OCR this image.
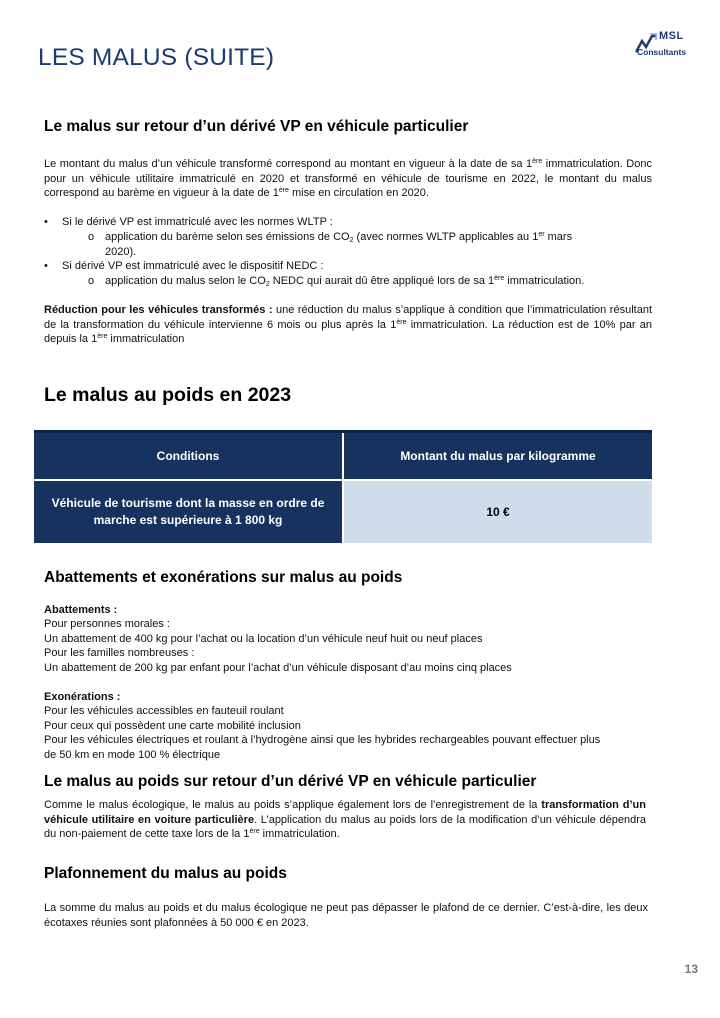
LES MALUS (SUITE)
MSL
Consultants
Le malus sur retour d’un dérivé VP en véhicule particulier

Le montant du malus d’un véhicule transformé correspond au montant en vigueur à la date de sa 1ère immatriculation. Donc pour un véhicule utilitaire immatriculé en 2020 et transformé en véhicule de tourisme en 2022, le montant du malus correspond au barème en vigueur à la date de 1ère mise en circulation en 2020.

• Si le dérivé VP est immatriculé avec les normes WLTP :
o application du barème selon ses émissions de $CO_2$ (avec normes WLTP applicables au 1er mars
2020).

• Si dérivé VP est immatriculé avec le dispositif NEDC :
o application du malus selon le $CO_2$ NEDC qui aurait dû être appliqué lors de sa 1ère immatriculation.

Réduction pour les véhicules transformés : une réduction du malus s’applique à condition que l’immatriculation résultant de la transformation du véhicule intervienne 6 mois ou plus après la 1ère immatriculation. La réduction est de 10% par an depuis la 1ère immatriculation

Le malus au poids en 2023
Conditions	Montant du malus par kilogramme
Véhicule de tourisme dont la masse en ordre de
marche est supérieure à 1 800 kg	10 €
Abattements et exonérations sur malus au poids
Abattements :
Pour personnes morales :
Un abattement de 400 kg pour l’achat ou la location d’un véhicule neuf huit ou neuf places
Pour les familles nombreuses :
Un abattement de 200 kg par enfant pour l’achat d’un véhicule disposant d’au moins cinq places
Exonérations :
Pour les véhicules accessibles en fauteuil roulant
Pour ceux qui possèdent une carte mobilité inclusion
Pour les véhicules électriques et roulant à l’hydrogène ainsi que les hybrides rechargeables pouvant effectuer plus
de 50 km en mode 100 % électrique
Le malus au poids sur retour d’un dérivé VP en véhicule particulier

Comme le malus écologique, le malus au poids s’applique également lors de l’enregistrement de la transformation d’un véhicule utilitaire en voiture particulière. L’application du malus au poids lors de la modification d’un véhicule dépendra du non-paiement de cette taxe lors de la 1ère immatriculation.

Plafonnement du malus au poids

La somme du malus au poids et du malus écologique ne peut pas dépasser le plafond de ce dernier. C’est-à-dire, les deux écotaxes réunies sont plafonnées à 50 000 € en 2023.

13
